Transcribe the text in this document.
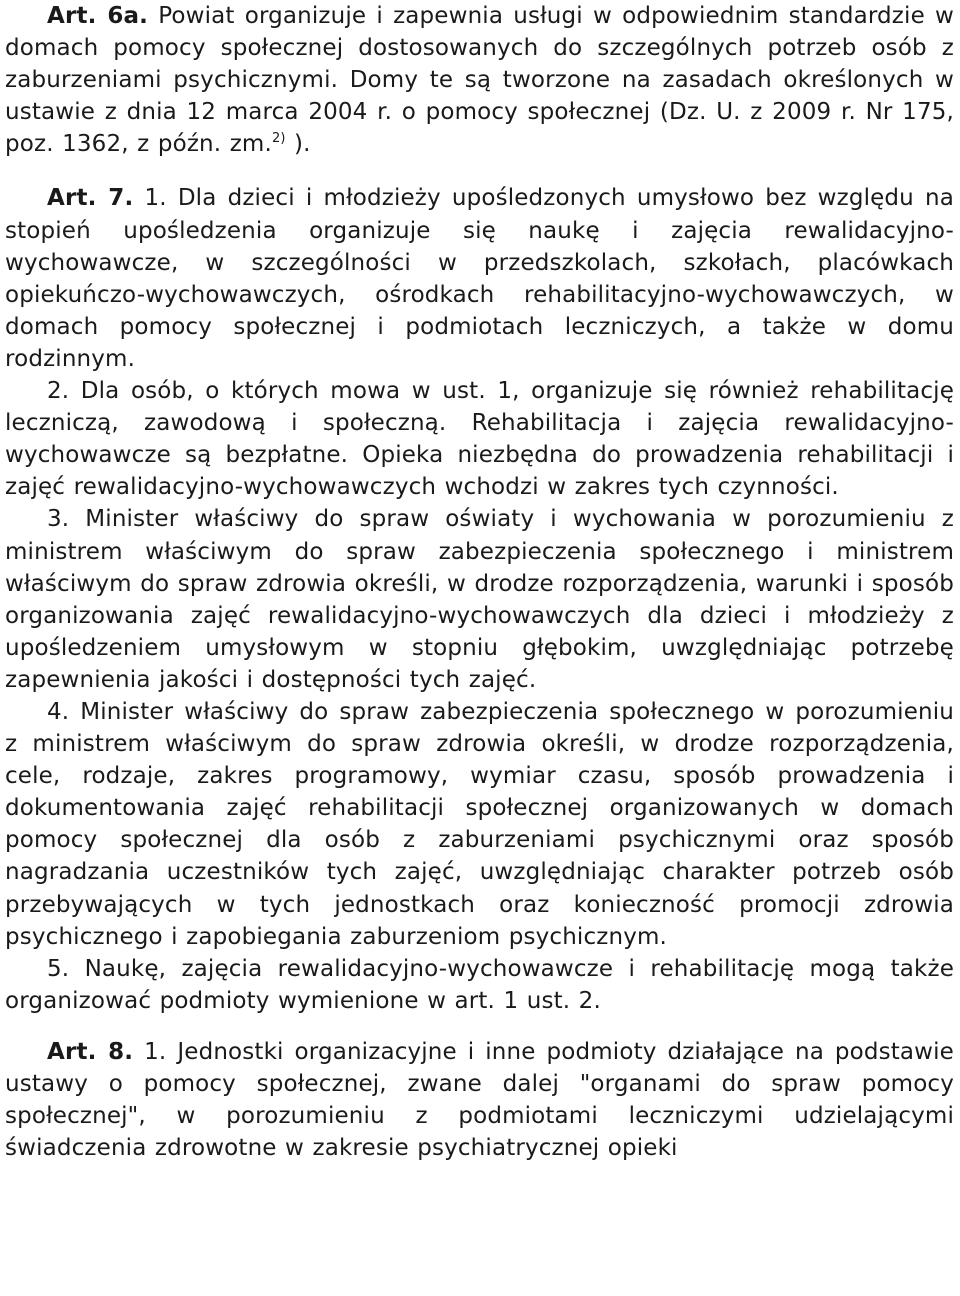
Art. 6a. Powiat organizuje i zapewnia usługi w odpowiednim standardzie w domach pomocy społecznej dostosowanych do szczególnych potrzeb osób z zaburzeniami psychicznymi. Domy te są tworzone na zasadach określonych w ustawie z dnia 12 marca 2004 r. o pomocy społecznej (Dz. U. z 2009 r. Nr 175, poz. 1362, z późn. zm.$^{2)}$ ).

Art. 7. 1. Dla dzieci i młodzieży upośledzonych umysłowo bez względu na stopień upośledzenia organizuje się naukę i zajęcia rewalidacyjno-wychowawcze, w szczególności w przedszkolach, szkołach, placówkach opiekuńczo-wychowawczych, ośrodkach rehabilitacyjno-wychowawczych, w domach pomocy społecznej i podmiotach leczniczych, a także w domu rodzinnym.

2. Dla osób, o których mowa w ust. 1, organizuje się również rehabilitację leczniczą, zawodową i społeczną. Rehabilitacja i zajęcia rewalidacyjno-wychowawcze są bezpłatne. Opieka niezbędna do prowadzenia rehabilitacji i zajęć rewalidacyjno-wychowawczych wchodzi w zakres tych czynności.

3. Minister właściwy do spraw oświaty i wychowania w porozumieniu z ministrem właściwym do spraw zabezpieczenia społecznego i ministrem właściwym do spraw zdrowia określi, w drodze rozporządzenia, warunki i sposób organizowania zajęć rewalidacyjno-wychowawczych dla dzieci i młodzieży z upośledzeniem umysłowym w stopniu głębokim, uwzględniając potrzebę zapewnienia jakości i dostępności tych zajęć.

4. Minister właściwy do spraw zabezpieczenia społecznego w porozumieniu z ministrem właściwym do spraw zdrowia określi, w drodze rozporządzenia, cele, rodzaje, zakres programowy, wymiar czasu, sposób prowadzenia i dokumentowania zajęć rehabilitacji społecznej organizowanych w domach pomocy społecznej dla osób z zaburzeniami psychicznymi oraz sposób nagradzania uczestników tych zajęć, uwzględniając charakter potrzeb osób przebywających w tych jednostkach oraz konieczność promocji zdrowia psychicznego i zapobiegania zaburzeniom psychicznym.

5. Naukę, zajęcia rewalidacyjno-wychowawcze i rehabilitację mogą także organizować podmioty wymienione w art. 1 ust. 2.

Art. 8. 1. Jednostki organizacyjne i inne podmioty działające na podstawie ustawy o pomocy społecznej, zwane dalej "organami do spraw pomocy społecznej", w porozumieniu z podmiotami leczniczymi udzielającymi świadczenia zdrowotne w zakresie psychiatrycznej opieki
